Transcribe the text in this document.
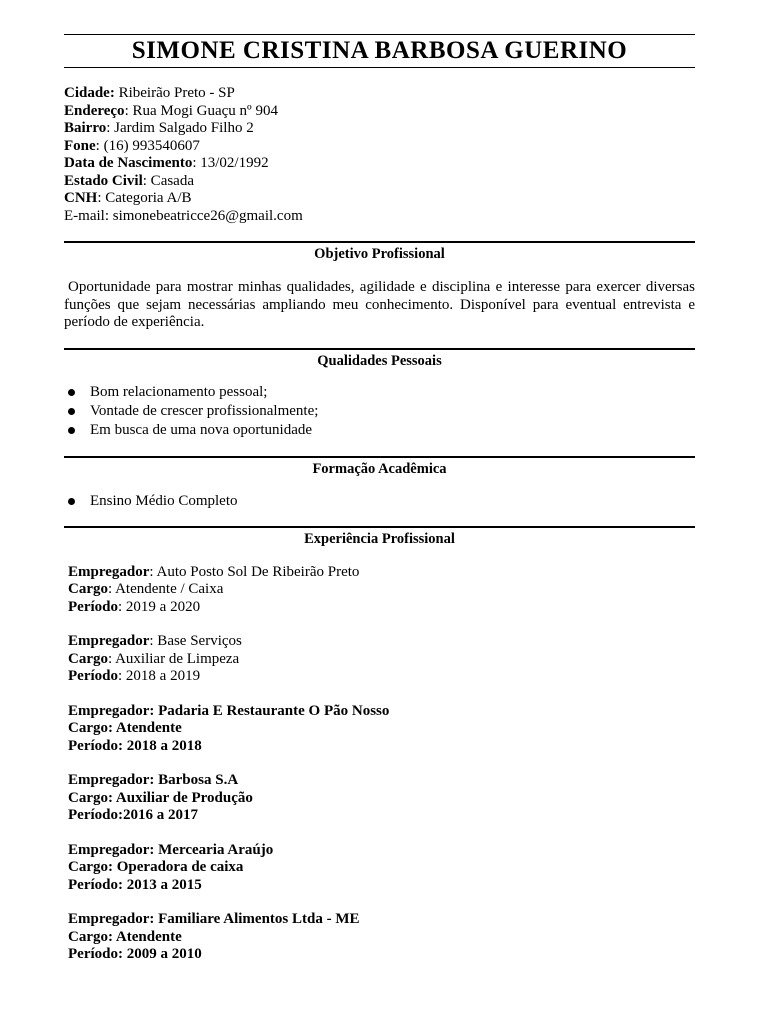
SIMONE CRISTINA BARBOSA GUERINO
Cidade: Ribeirão Preto - SP
Endereço: Rua Mogi Guaçu nº 904
Bairro: Jardim Salgado Filho 2
Fone: (16) 993540607
Data de Nascimento: 13/02/1992
Estado Civil: Casada
CNH: Categoria A/B
E-mail: simonebeatricce26@gmail.com
Objetivo Profissional
Oportunidade para mostrar minhas qualidades, agilidade e disciplina e interesse para exercer diversas funções que sejam necessárias ampliando meu conhecimento. Disponível para eventual entrevista e período de experiência.
Qualidades Pessoais
Bom relacionamento pessoal;
Vontade de crescer profissionalmente;
Em busca de uma nova oportunidade
Formação Acadêmica
Ensino Médio Completo
Experiência Profissional
Empregador: Auto Posto Sol De Ribeirão Preto
Cargo: Atendente / Caixa
Período: 2019 a 2020
Empregador: Base Serviços
Cargo: Auxiliar de Limpeza
Período: 2018 a 2019
Empregador: Padaria E Restaurante O Pão Nosso
Cargo: Atendente
Período: 2018 a 2018
Empregador: Barbosa S.A
Cargo: Auxiliar de Produção
Período:2016 a 2017
Empregador: Mercearia Araújo
Cargo: Operadora de caixa
Período: 2013 a 2015
Empregador: Familiare Alimentos Ltda - ME
Cargo: Atendente
Período: 2009 a 2010
